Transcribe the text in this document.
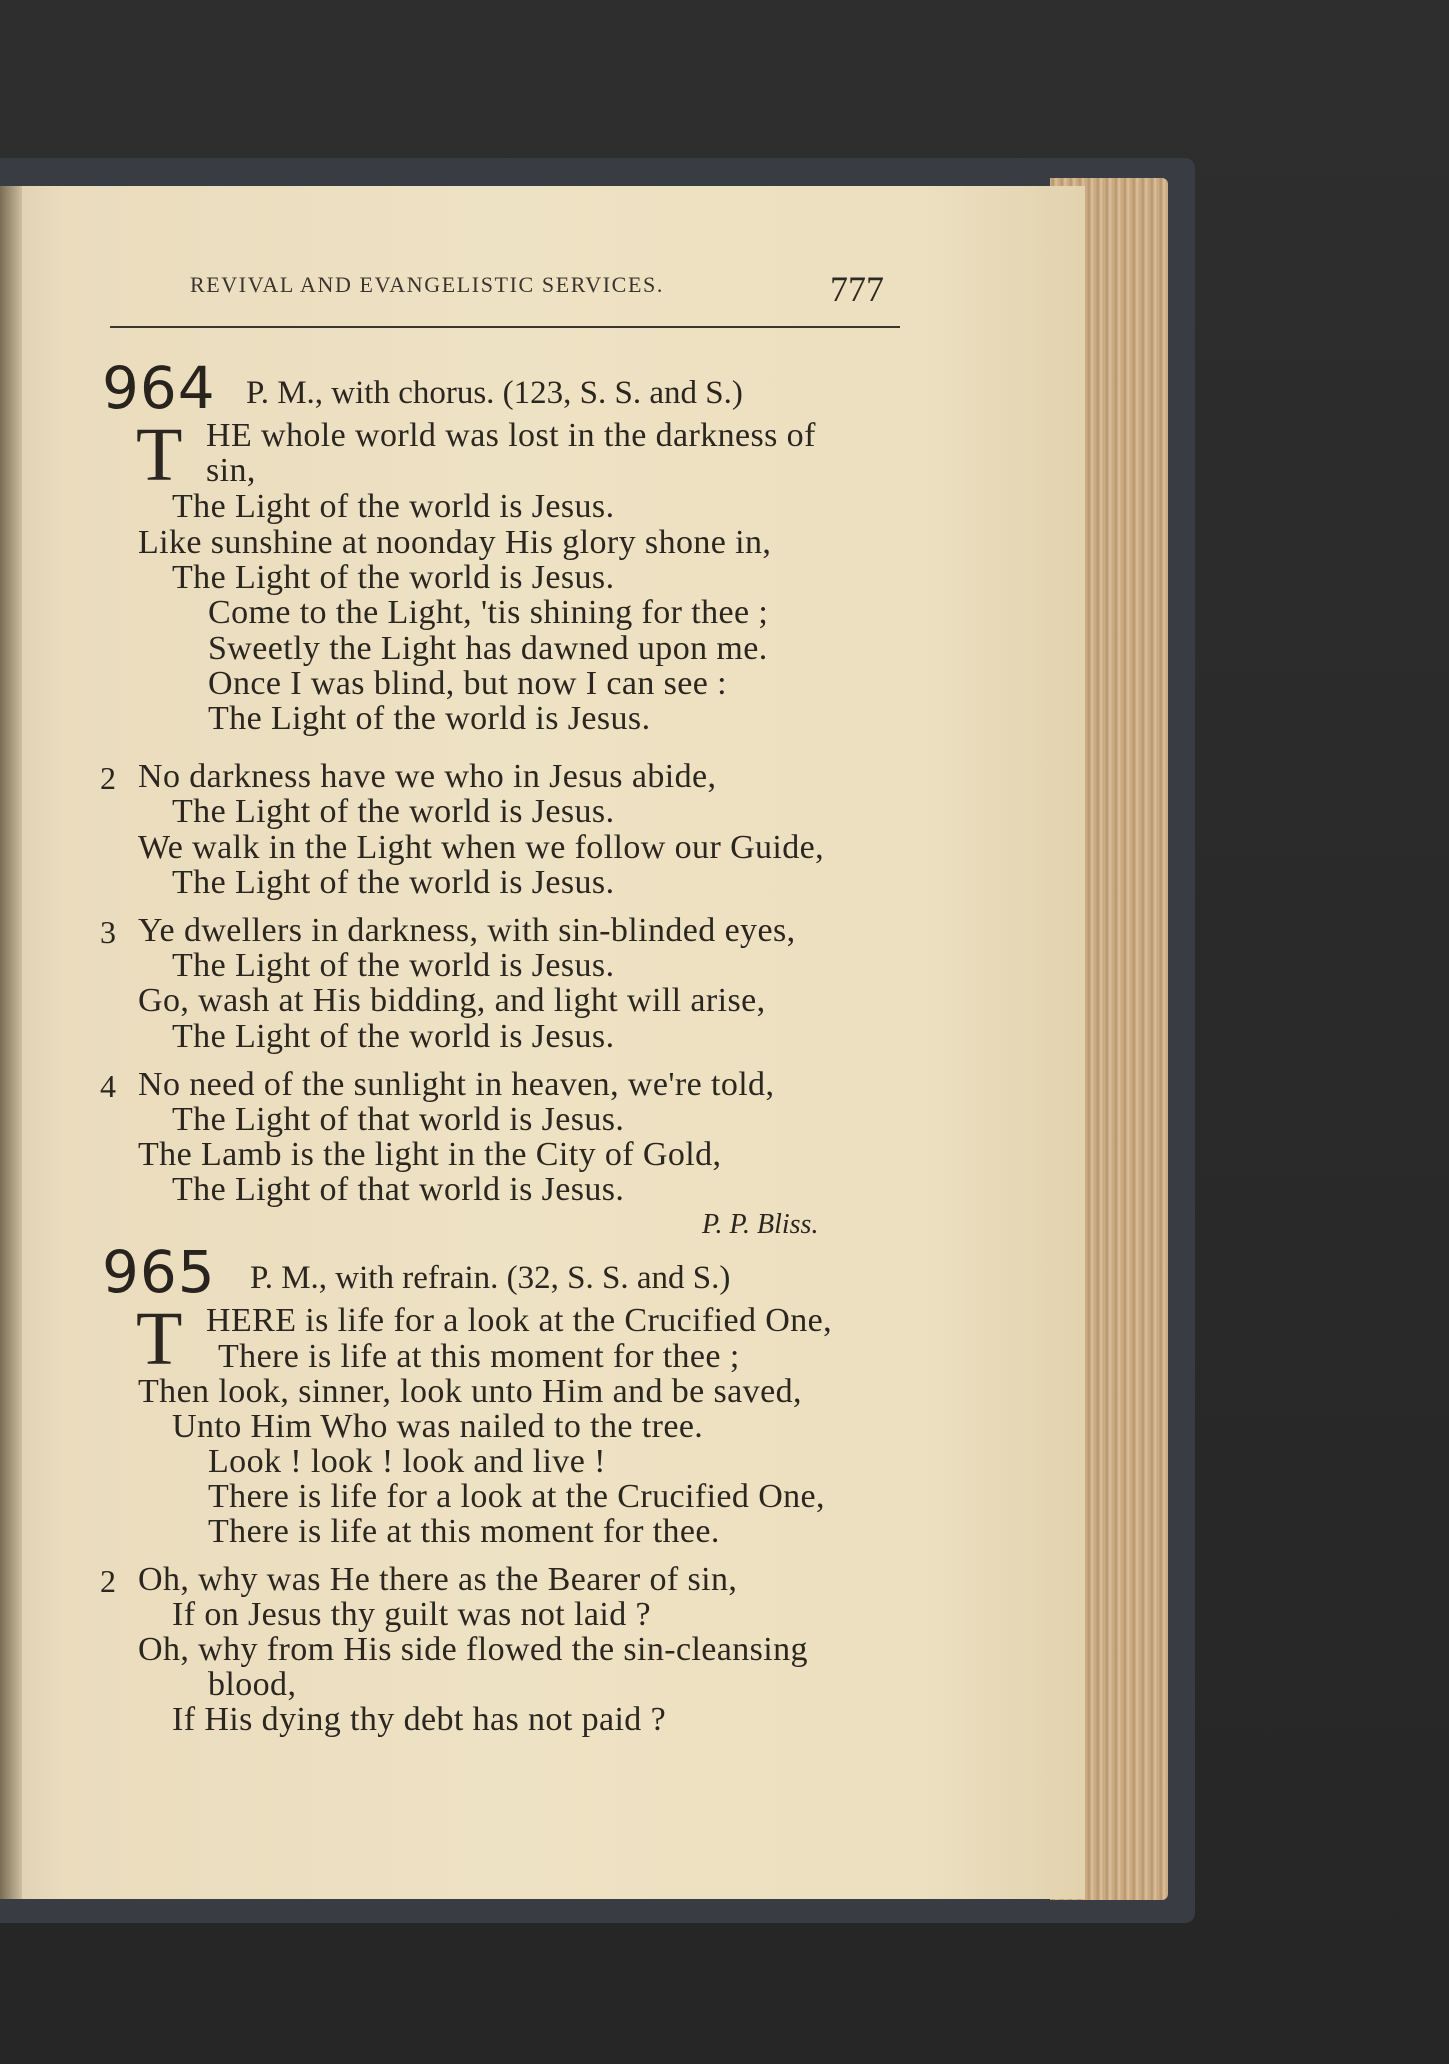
REVIVAL AND EVANGELISTIC SERVICES.	777
964 P. M., with chorus. (123, S. S. and S.)
T HE whole world was lost in the darkness of
sin,
The Light of the world is Jesus.
Like sunshine at noonday His glory shone in,
The Light of the world is Jesus.
Come to the Light, 'tis shining for thee ;
Sweetly the Light has dawned upon me.
Once I was blind, but now I can see :
The Light of the world is Jesus.
2 No darkness have we who in Jesus abide,
The Light of the world is Jesus.
We walk in the Light when we follow our Guide,
The Light of the world is Jesus.
3 Ye dwellers in darkness, with sin-blinded eyes,
The Light of the world is Jesus.
Go, wash at His bidding, and light will arise,
The Light of the world is Jesus.
4 No need of the sunlight in heaven, we're told,
The Light of that world is Jesus.
The Lamb is the light in the City of Gold,
The Light of that world is Jesus.
P. P. Bliss.
965 P. M., with refrain. (32, S. S. and S.)
T HERE is life for a look at the Crucified One,
There is life at this moment for thee ;
Then look, sinner, look unto Him and be saved,
Unto Him Who was nailed to the tree.
Look ! look ! look and live !
There is life for a look at the Crucified One,
There is life at this moment for thee.
2 Oh, why was He there as the Bearer of sin,
If on Jesus thy guilt was not laid ?
Oh, why from His side flowed the sin-cleansing
blood,
If His dying thy debt has not paid ?
